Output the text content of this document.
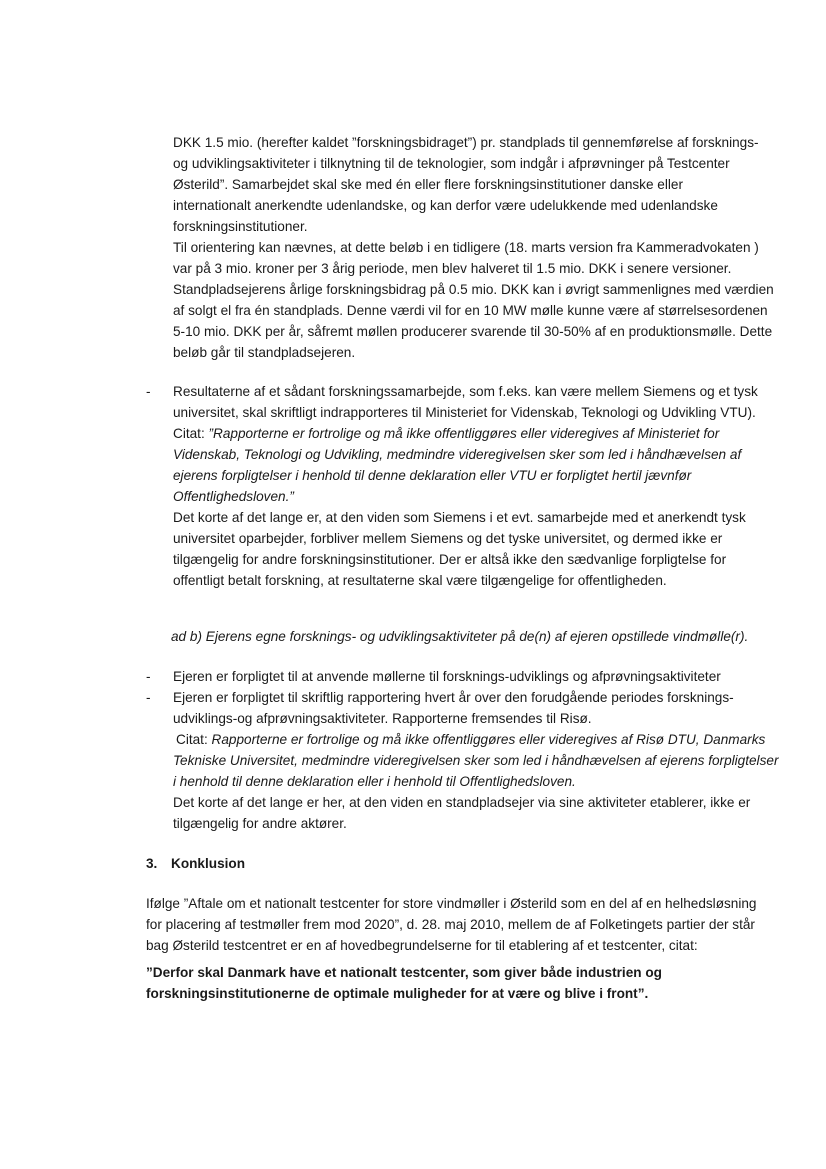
DKK 1.5 mio. (herefter kaldet ”forskningsbidraget”) pr. standplads til gennemførelse af forsknings-
og udviklingsaktiviteter i tilknytning til de teknologier, som indgår i afprøvninger på Testcenter
Østerild”. Samarbejdet skal ske med én eller flere forskningsinstitutioner danske eller
internationalt anerkendte udenlandske, og kan derfor være udelukkende med udenlandske
forskningsinstitutioner.
Til orientering kan nævnes, at dette beløb i en tidligere (18. marts version fra Kammeradvokaten )
var på 3 mio. kroner per 3 årig periode, men blev halveret til 1.5 mio. DKK i senere versioner.
Standpladsejerens årlige forskningsbidrag på 0.5 mio. DKK kan i øvrigt sammenlignes med værdien
af solgt el fra én standplads. Denne værdi vil for en 10 MW mølle kunne være af størrelsesordenen
5-10 mio. DKK per år, såfremt møllen producerer svarende til 30-50% af en produktionsmølle. Dette
beløb går til standpladsejeren.
- Resultaterne af et sådant forskningssamarbejde, som f.eks. kan være mellem Siemens og et tysk
universitet, skal skriftligt indrapporteres til Ministeriet for Videnskab, Teknologi og Udvikling VTU).
Citat: ”Rapporterne er fortrolige og må ikke offentliggøres eller videregives af Ministeriet for
Videnskab, Teknologi og Udvikling, medmindre videregivelsen sker som led i håndhævelsen af
ejerens forpligtelser i henhold til denne deklaration eller VTU er forpligtet hertil jævnfør
Offentlighedsloven.”
Det korte af det lange er, at den viden som Siemens i et evt. samarbejde med et anerkendt tysk
universitet oparbejder, forbliver mellem Siemens og det tyske universitet, og dermed ikke er
tilgængelig for andre forskningsinstitutioner. Der er altså ikke den sædvanlige forpligtelse for
offentligt betalt forskning, at resultaterne skal være tilgængelige for offentligheden.
ad b) Ejerens egne forsknings- og udviklingsaktiviteter på de(n) af ejeren opstillede vindmølle(r).
- Ejeren er forpligtet til at anvende møllerne til forsknings-udviklings og afprøvningsaktiviteter
- Ejeren er forpligtet til skriftlig rapportering hvert år over den forudgående periodes forsknings-
udviklings-og afprøvningsaktiviteter. Rapporterne fremsendes til Risø.
Citat: Rapporterne er fortrolige og må ikke offentliggøres eller videregives af Risø DTU, Danmarks
Tekniske Universitet, medmindre videregivelsen sker som led i håndhævelsen af ejerens forpligtelser
i henhold til denne deklaration eller i henhold til Offentlighedsloven.
Det korte af det lange er her, at den viden en standpladsejer via sine aktiviteter etablerer, ikke er
tilgængelig for andre aktører.
3. Konklusion
Ifølge ”Aftale om et nationalt testcenter for store vindmøller i Østerild som en del af en helhedsløsning
for placering af testmøller frem mod 2020”, d. 28. maj 2010, mellem de af Folketingets partier der står
bag Østerild testcentret er en af hovedbegrundelserne for til etablering af et testcenter, citat:
”Derfor skal Danmark have et nationalt testcenter, som giver både industrien og
forskningsinstitutionerne de optimale muligheder for at være og blive i front”.
